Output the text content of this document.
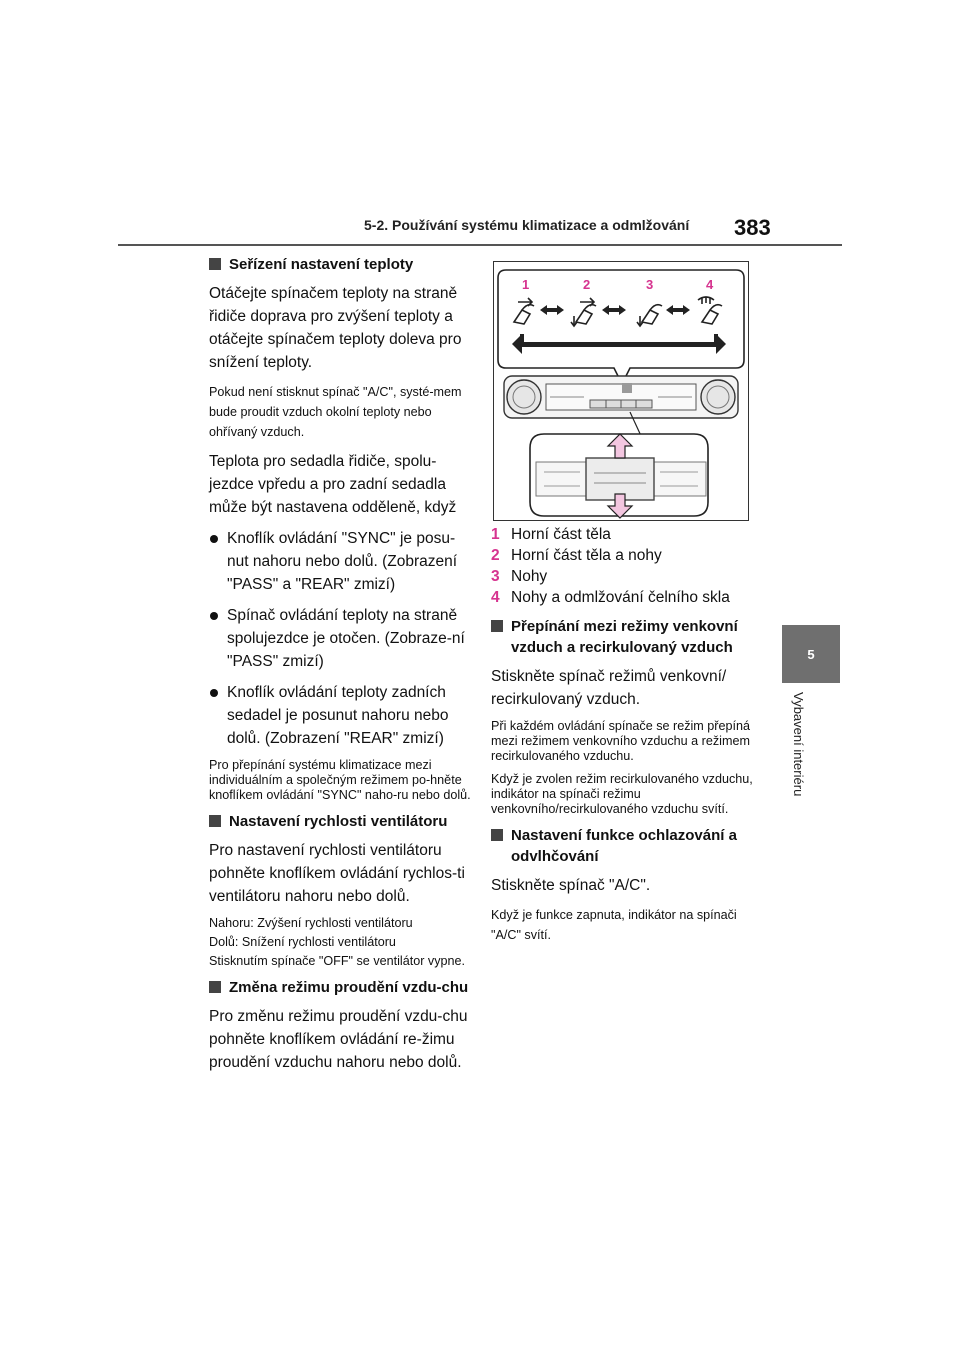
5-2. Používání systému klimatizace a odmlžování 383
5
Vybavení interiéru
Seřízení nastavení teploty

Otáčejte spínačem teploty na straně řidiče doprava pro zvýšení teploty a otáčejte spínačem teploty doleva pro snížení teploty.

Pokud není stisknut spínač "A/C", systé-mem bude proudit vzduch okolní teploty nebo ohřívaný vzduch.

Teplota pro sedadla řidiče, spolu-jezdce vpředu a pro zadní sedadla může být nastavena odděleně, když

Knoflík ovládání "SYNC" je posu-nut nahoru nebo dolů. (Zobrazení "PASS" a "REAR" zmizí)
Spínač ovládání teploty na straně spolujezdce je otočen. (Zobraze-ní "PASS" zmizí)
Knoflík ovládání teploty zadních sedadel je posunut nahoru nebo dolů. (Zobrazení "REAR" zmizí)

Pro přepínání systému klimatizace mezi individuálním a společným režimem po-hněte knoflíkem ovládání "SYNC" naho-ru nebo dolů.

Nastavení rychlosti ventilátoru

Pro nastavení rychlosti ventilátoru pohněte knoflíkem ovládání rychlos-ti ventilátoru nahoru nebo dolů.

Nahoru: Zvýšení rychlosti ventilátoru

Dolů: Snížení rychlosti ventilátoru

Stisknutím spínače "OFF" se ventilátor vypne.

Změna režimu proudění vzdu-chu

Pro změnu režimu proudění vzdu-chu pohněte knoflíkem ovládání re-žimu proudění vzduchu nahoru nebo dolů.

1	2	3	4
1 Horní část těla
2 Horní část těla a nohy
3 Nohy
4 Nohy a odmlžování čelního skla
Přepínání mezi režimy venkovní vzduch a recirkulovaný vzduch

Stiskněte spínač režimů venkovní/ recirkulovaný vzduch.

Při každém ovládání spínače se režim přepíná mezi režimem venkovního vzduchu a režimem recirkulovaného vzduchu.

Když je zvolen režim recirkulovaného vzduchu, indikátor na spínači režimu venkovního/recirkulovaného vzduchu svítí.

Nastavení funkce ochlazování a odvlhčování

Stiskněte spínač "A/C".

Když je funkce zapnuta, indikátor na spínači "A/C" svítí.
